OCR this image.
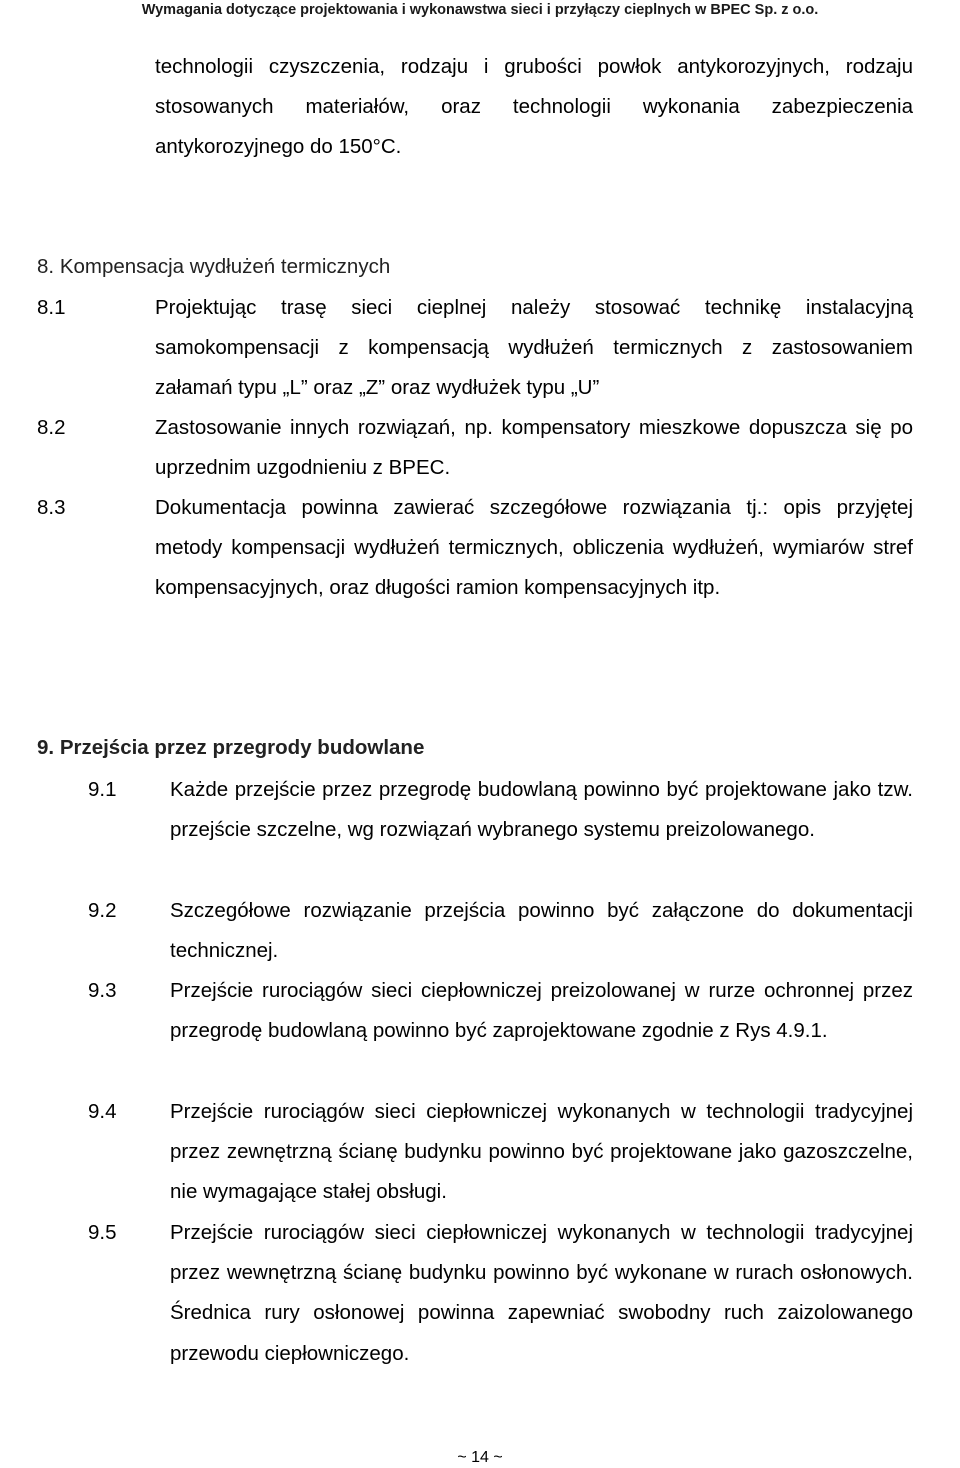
Wymagania dotyczące projektowania i wykonawstwa sieci i przyłączy cieplnych w BPEC Sp. z o.o.

technologii czyszczenia, rodzaju i grubości powłok antykorozyjnych, rodzaju stosowanych materiałów, oraz technologii wykonania zabezpieczenia antykorozyjnego do 150°C.

8. Kompensacja wydłużeń termicznych
8.1	Projektując trasę sieci cieplnej należy stosować technikę instalacyjną samokompensacji z kompensacją wydłużeń termicznych z zastosowaniem załamań typu „L” oraz „Z” oraz wydłużek typu „U”

8.2	Zastosowanie innych rozwiązań, np. kompensatory mieszkowe dopuszcza się po uprzednim uzgodnieniu z BPEC.

8.3	Dokumentacja powinna zawierać szczegółowe rozwiązania tj.: opis przyjętej metody kompensacji wydłużeń termicznych, obliczenia wydłużeń, wymiarów stref kompensacyjnych, oraz długości ramion kompensacyjnych itp.

9. Przejścia przez przegrody budowlane
9.1	Każde przejście przez przegrodę budowlaną powinno być projektowane jako tzw. przejście szczelne, wg rozwiązań wybranego systemu preizolowanego.

9.2	Szczegółowe rozwiązanie przejścia powinno być załączone do dokumentacji technicznej.

9.3	Przejście rurociągów sieci ciepłowniczej preizolowanej w rurze ochronnej przez przegrodę budowlaną powinno być zaprojektowane zgodnie z Rys 4.9.1.

9.4	Przejście rurociągów sieci ciepłowniczej wykonanych w technologii tradycyjnej przez zewnętrzną ścianę budynku powinno być projektowane jako gazoszczelne, nie wymagające stałej obsługi.

9.5	Przejście rurociągów sieci ciepłowniczej wykonanych w technologii tradycyjnej przez wewnętrzną ścianę budynku powinno być wykonane w rurach osłonowych. Średnica rury osłonowej powinna zapewniać swobodny ruch zaizolowanego przewodu ciepłowniczego.

~ 14 ~
